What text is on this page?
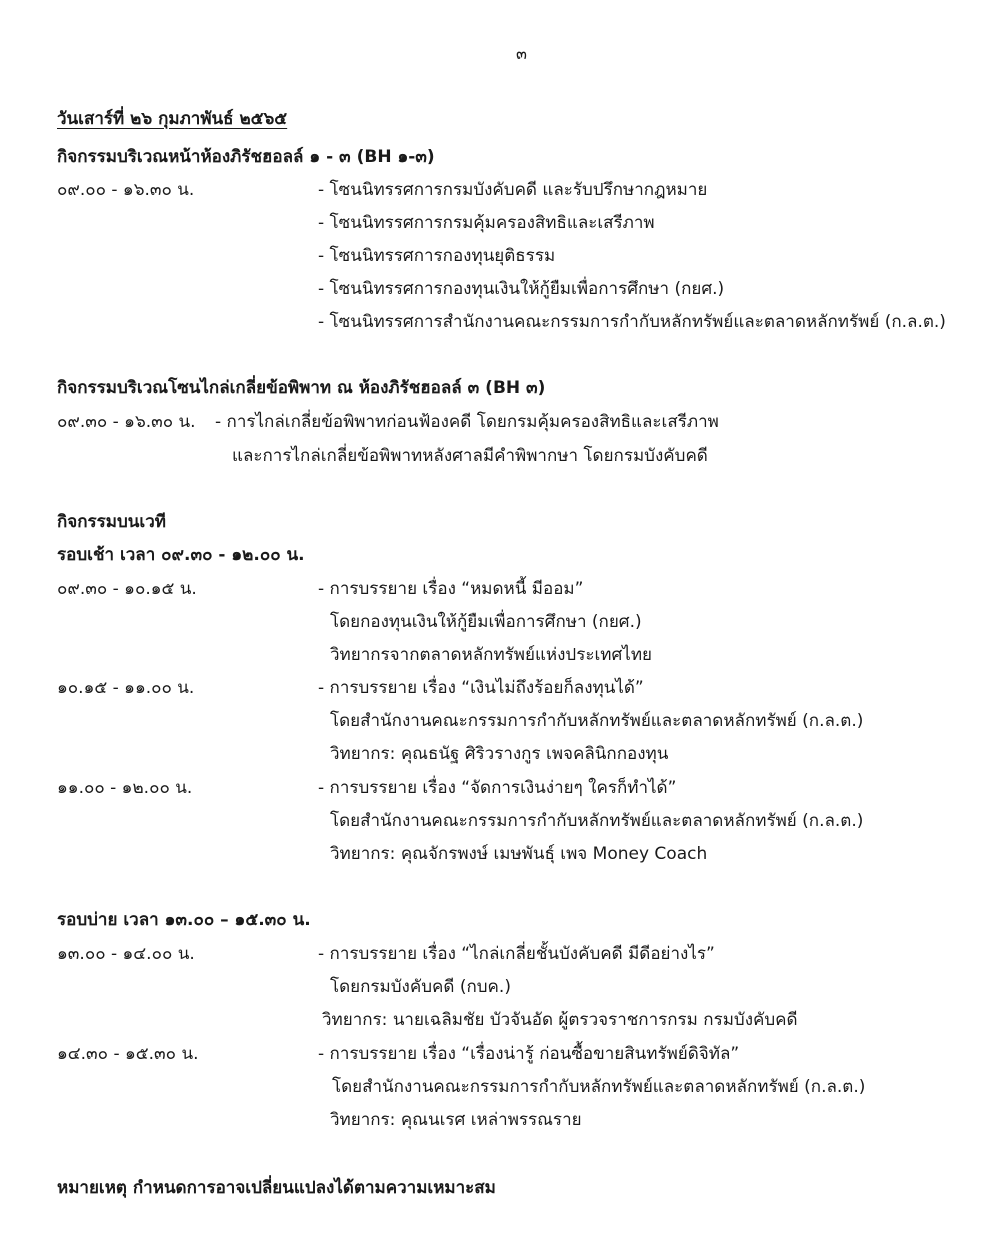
๓
วันเสาร์ที่ ๒๖ กุมภาพันธ์ ๒๕๖๕
กิจกรรมบริเวณหน้าห้องภิรัชฮอลล์ ๑ - ๓ (BH ๑-๓)
๐๙.๐๐ - ๑๖.๓๐ น.	- โซนนิทรรศการกรมบังคับคดี และรับปรึกษากฎหมาย
- โซนนิทรรศการกรมคุ้มครองสิทธิและเสรีภาพ
- โซนนิทรรศการกองทุนยุติธรรม
- โซนนิทรรศการกองทุนเงินให้กู้ยืมเพื่อการศึกษา (กยศ.)
- โซนนิทรรศการสำนักงานคณะกรรมการกำกับหลักทรัพย์และตลาดหลักทรัพย์ (ก.ล.ต.)
กิจกรรมบริเวณโซนไกล่เกลี่ยข้อพิพาท ณ ห้องภิรัชฮอลล์ ๓ (BH ๓)
๐๙.๓๐ - ๑๖.๓๐ น. - การไกล่เกลี่ยข้อพิพาทก่อนฟ้องคดี โดยกรมคุ้มครองสิทธิและเสรีภาพ
และการไกล่เกลี่ยข้อพิพาทหลังศาลมีคำพิพากษา โดยกรมบังคับคดี
กิจกรรมบนเวที
รอบเช้า เวลา ๐๙.๓๐ - ๑๒.๐๐ น.
๐๙.๓๐ - ๑๐.๑๕ น.	- การบรรยาย เรื่อง “หมดหนี้ มีออม”
โดยกองทุนเงินให้กู้ยืมเพื่อการศึกษา (กยศ.)
วิทยากรจากตลาดหลักทรัพย์แห่งประเทศไทย
๑๐.๑๕ - ๑๑.๐๐ น.	- การบรรยาย เรื่อง “เงินไม่ถึงร้อยก็ลงทุนได้”
โดยสำนักงานคณะกรรมการกำกับหลักทรัพย์และตลาดหลักทรัพย์ (ก.ล.ต.)
วิทยากร: คุณธนัฐ ศิริวรางกูร เพจคลินิกกองทุน
๑๑.๐๐ - ๑๒.๐๐ น.	- การบรรยาย เรื่อง “จัดการเงินง่ายๆ ใครก็ทำได้”
โดยสำนักงานคณะกรรมการกำกับหลักทรัพย์และตลาดหลักทรัพย์ (ก.ล.ต.)
วิทยากร: คุณจักรพงษ์ เมษพันธุ์ เพจ Money Coach
รอบบ่าย เวลา ๑๓.๐๐ – ๑๕.๓๐ น.
๑๓.๐๐ - ๑๔.๐๐ น.	- การบรรยาย เรื่อง “ไกล่เกลี่ยชั้นบังคับคดี มีดีอย่างไร”
โดยกรมบังคับคดี (กบค.)
วิทยากร: นายเฉลิมชัย บัวจันอัด ผู้ตรวจราชการกรม กรมบังคับคดี
๑๔.๓๐ - ๑๕.๓๐ น.	- การบรรยาย เรื่อง “เรื่องน่ารู้ ก่อนซื้อขายสินทรัพย์ดิจิทัล”
โดยสำนักงานคณะกรรมการกำกับหลักทรัพย์และตลาดหลักทรัพย์ (ก.ล.ต.)
วิทยากร: คุณนเรศ เหล่าพรรณราย
หมายเหตุ กำหนดการอาจเปลี่ยนแปลงได้ตามความเหมาะสม
